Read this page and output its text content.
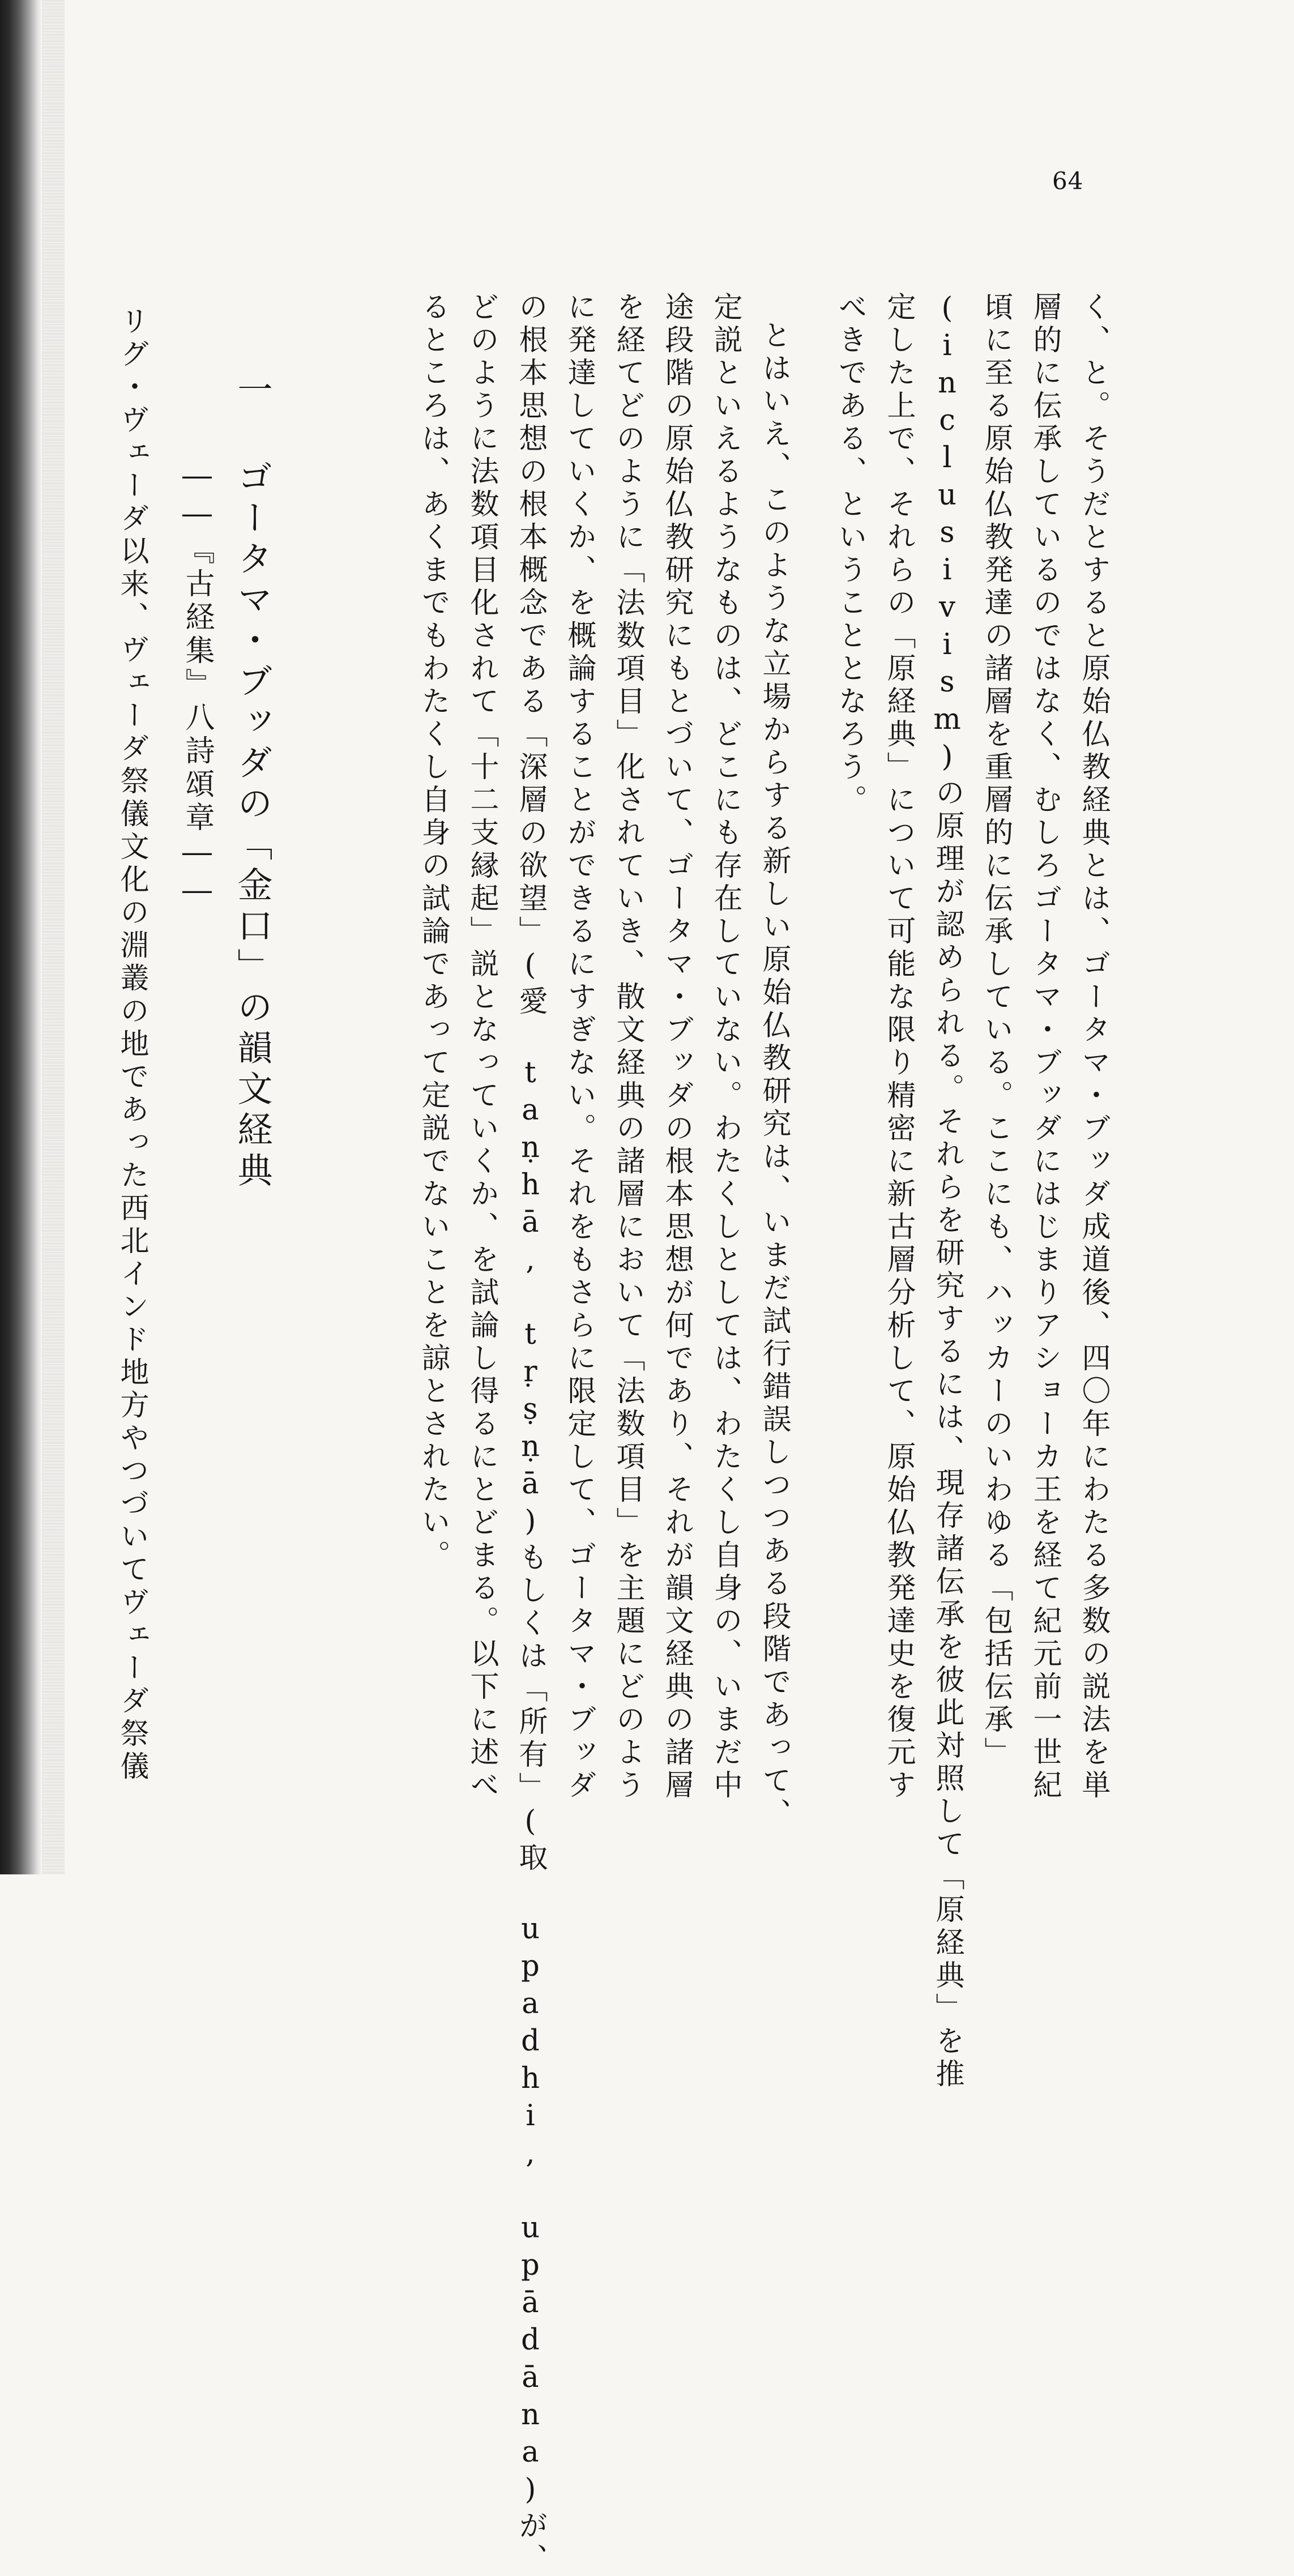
64
く、と。そうだとすると原始仏教経典とは、ゴータマ・ブッダ成道後、四〇年にわたる多数の説法を単
層的に伝承しているのではなく、むしろゴータマ・ブッダにはじまりアショーカ王を経て紀元前一世紀
頃に至る原始仏教発達の諸層を重層的に伝承している。ここにも、ハッカーのいわゆる「包括伝承」
(inclusivism)の原理が認められる。それらを研究するには、現存諸伝承を彼此対照して「原経典」を推
定した上で、それらの「原経典」について可能な限り精密に新古層分析して、原始仏教発達史を復元す
べきである、ということとなろう。
とはいえ、このような立場からする新しい原始仏教研究は、いまだ試行錯誤しつつある段階であって、
定説といえるようなものは、どこにも存在していない。わたくしとしては、わたくし自身の、いまだ中
途段階の原始仏教研究にもとづいて、ゴータマ・ブッダの根本思想が何であり、それが韻文経典の諸層
を経てどのように「法数項目」化されていき、散文経典の諸層において「法数項目」を主題にどのよう
に発達していくか、を概論することができるにすぎない。それをもさらに限定して、ゴータマ・ブッダ
の根本思想の根本概念である「深層の欲望」(愛 taṇhā, tṛṣṇā)もしくは「所有」(取 upadhi, upādāna)が、
どのように法数項目化されて「十二支縁起」説となっていくか、を試論し得るにとどまる。以下に述べ
るところは、あくまでもわたくし自身の試論であって定説でないことを諒とされたい。
一 ゴータマ・ブッダの「金口」の韻文経典
――『古経集』八詩頌章――
リグ・ヴェーダ以来、ヴェーダ祭儀文化の淵叢の地であった西北インド地方やつづいてヴェーダ祭儀
